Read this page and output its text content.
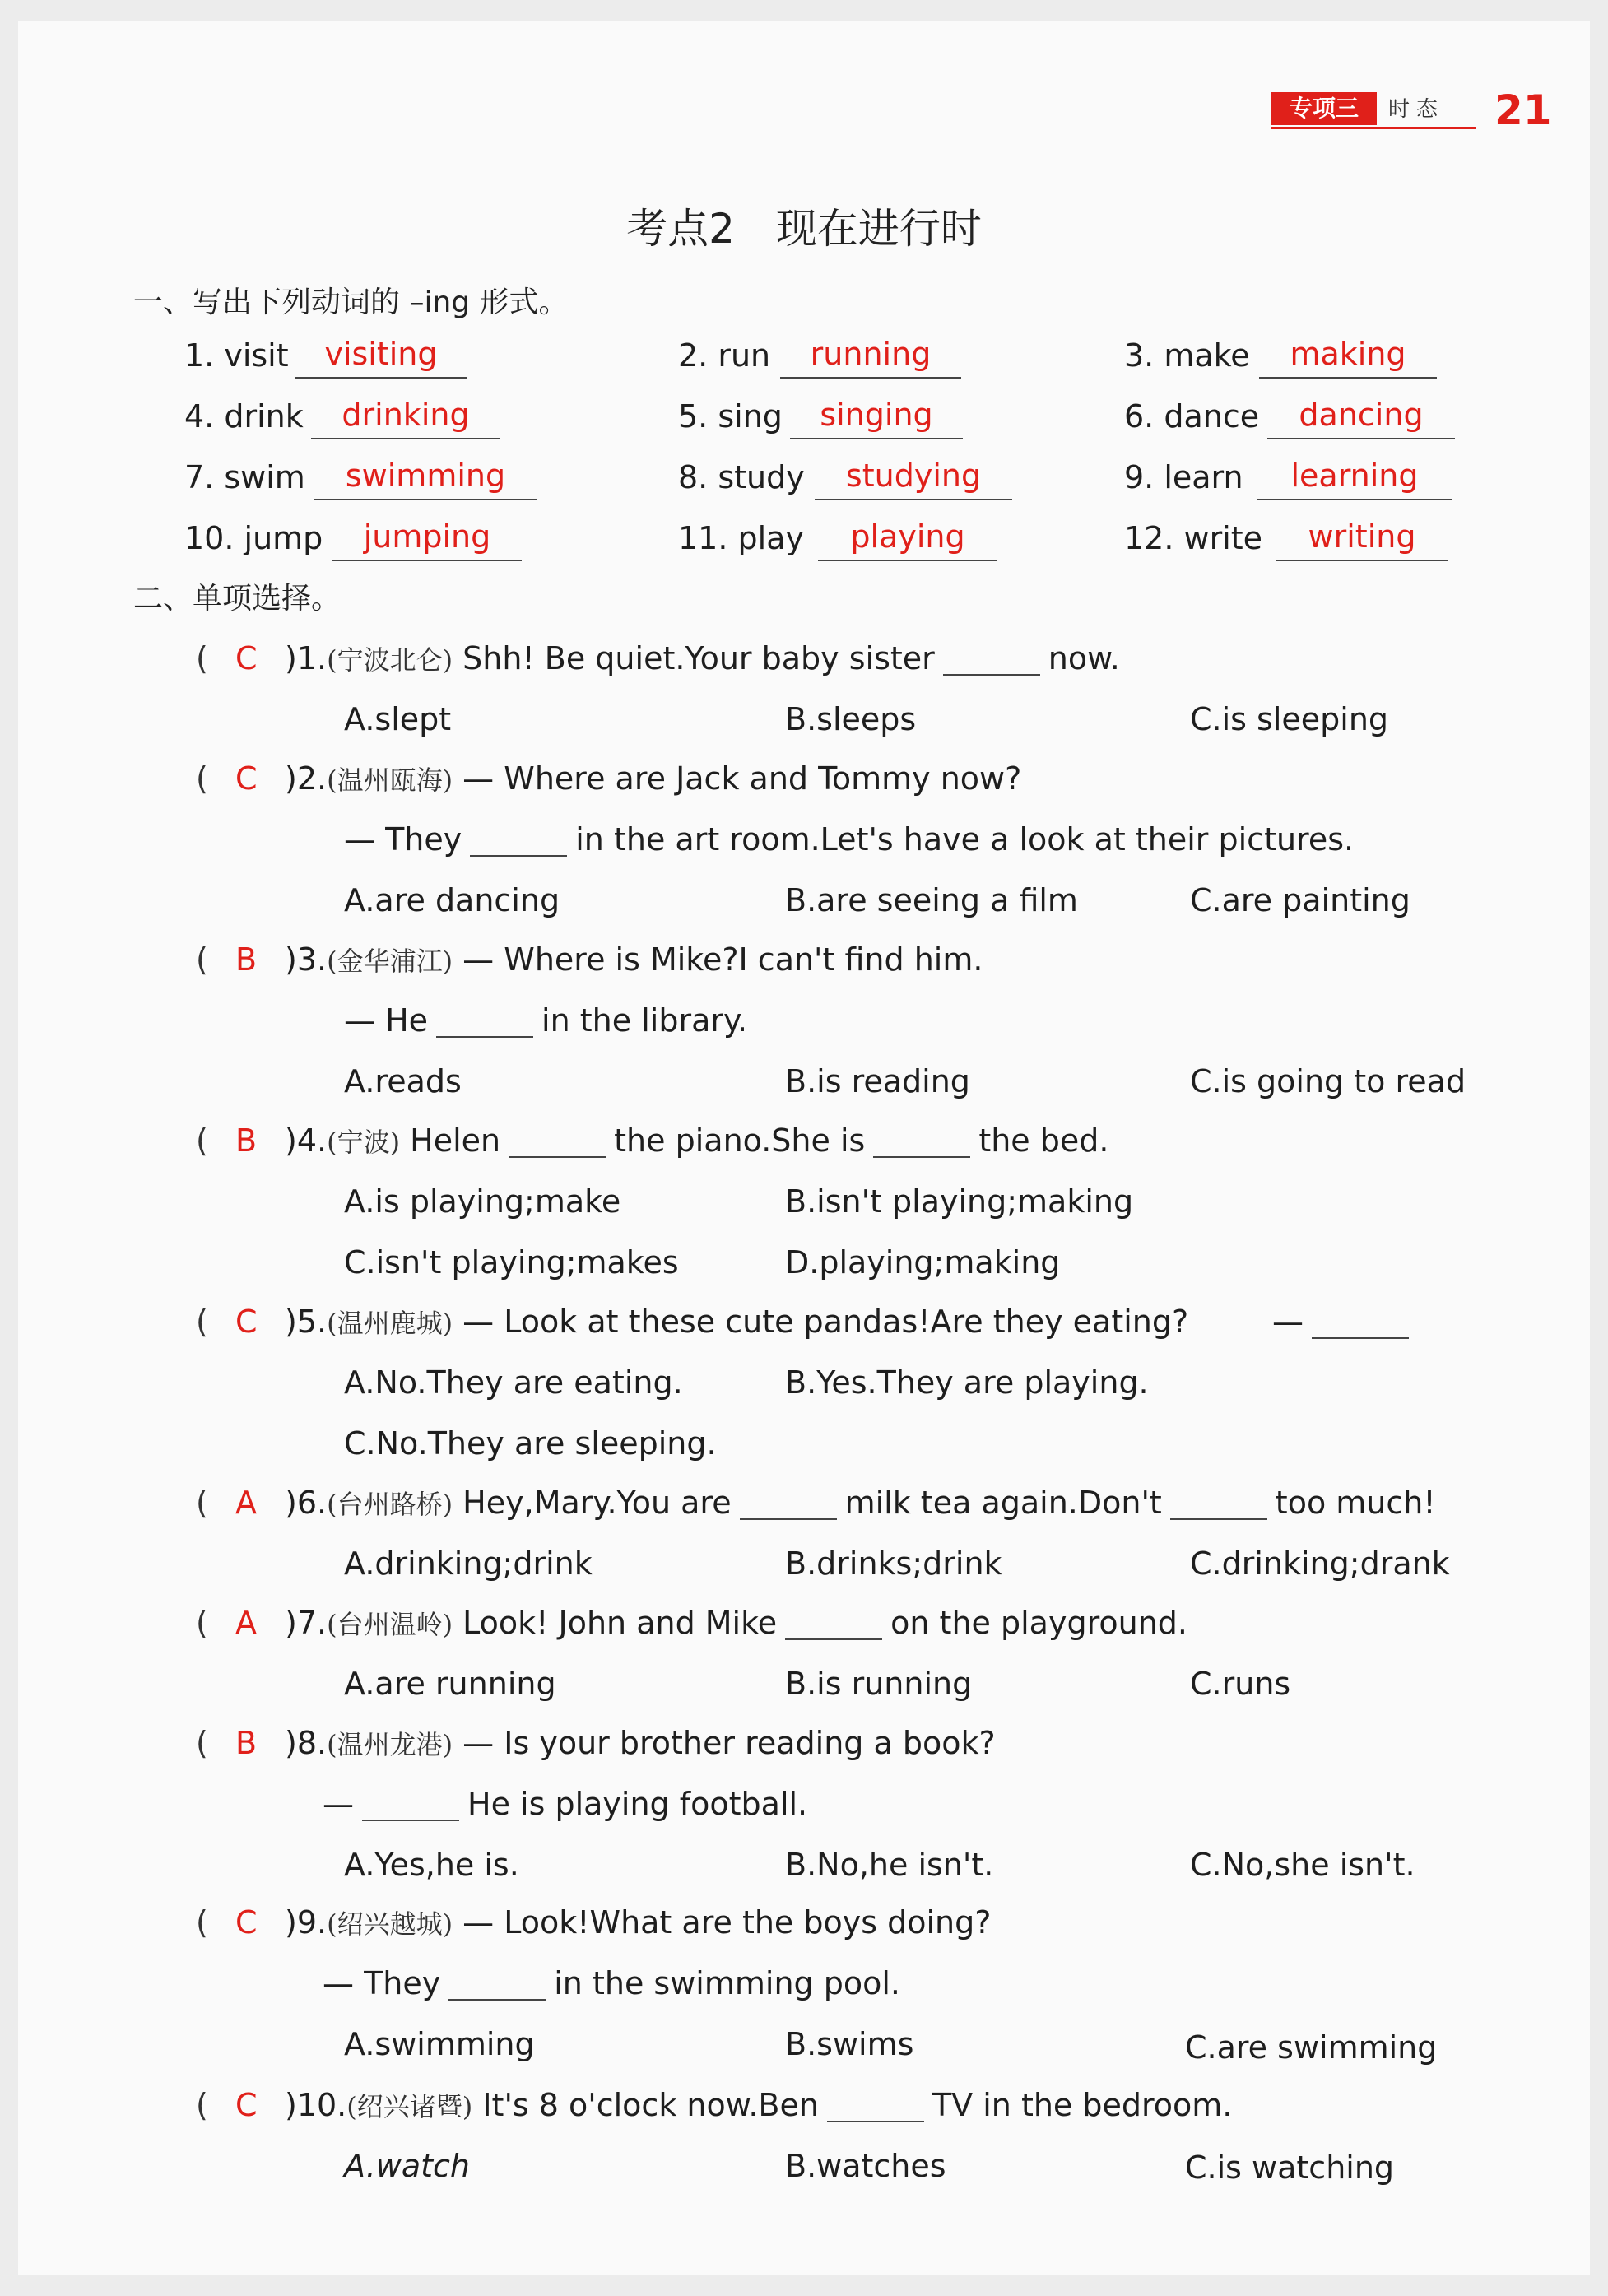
专项三	时态 21
考点2　现在进行时
一、写出下列动词的 –ing 形式。
1. visit	visiting	2. run	running	3. make	making
4. drink	drinking	5. sing	singing	6. dance	dancing
7. swim	swimming	8. study	studying	9. learn	learning
10. jump	jumping	11. play	playing	12. write	writing
二、单项选择。
( C )1.(宁波北仑) Shh! Be quiet.Your baby sister	now.
A.slept	B.sleeps	C.is sleeping
( C )2.(温州瓯海) — Where are Jack and Tommy now?
— They	in the art room.Let's have a look at their pictures.
A.are dancing	B.are seeing a film	C.are painting
( B )3.(金华浦江) — Where is Mike?I can't find him.
— He	in the library.
A.reads	B.is reading	C.is going to read
( B )4.(宁波) Helen	the piano.She is	the bed.
A.is playing;make	B.isn't playing;making
C.isn't playing;makes	D.playing;making
( C )5.(温州鹿城) — Look at these cute pandas!Are they eating?	—
A.No.They are eating.	B.Yes.They are playing.
C.No.They are sleeping.
( A )6.(台州路桥) Hey,Mary.You are	milk tea again.Don't	too much!
A.drinking;drink	B.drinks;drink	C.drinking;drank
( A )7.(台州温岭) Look! John and Mike	on the playground.
A.are running	B.is running	C.runs
( B )8.(温州龙港) — Is your brother reading a book?
—	He is playing football.
A.Yes,he is.	B.No,he isn't.	C.No,she isn't.
( C )9.(绍兴越城) — Look!What are the boys doing?
— They	in the swimming pool.
A.swimming	B.swims	C.are swimming
( C )10.(绍兴诸暨) It's 8 o'clock now.Ben	TV in the bedroom.
A.watch	B.watches	C.is watching
